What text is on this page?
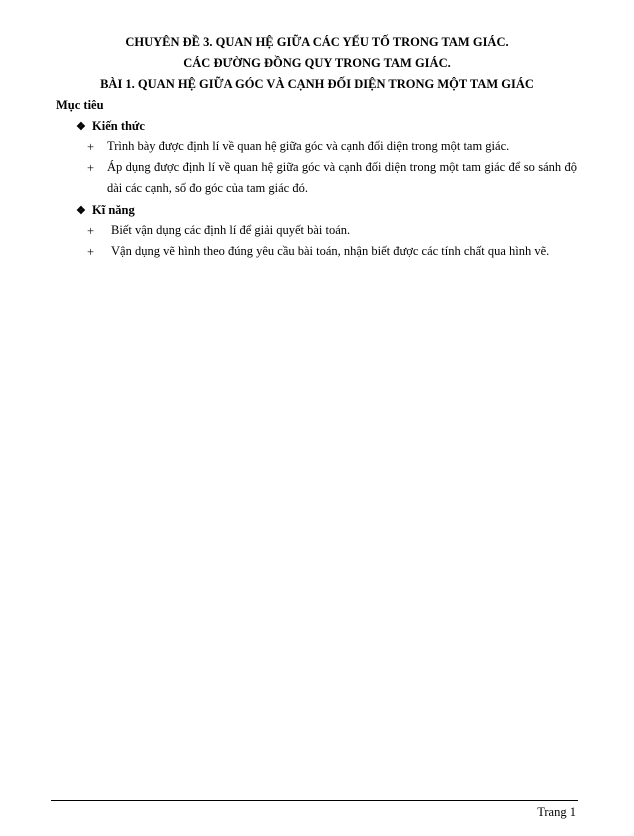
CHUYÊN ĐỀ 3. QUAN HỆ GIỮA CÁC YẾU TỐ TRONG TAM GIÁC.
CÁC ĐƯỜNG ĐỒNG QUY TRONG TAM GIÁC.
BÀI 1. QUAN HỆ GIỮA GÓC VÀ CẠNH ĐỐI DIỆN TRONG MỘT TAM GIÁC
Mục tiêu
❖ Kiến thức
+	Trình bày được định lí về quan hệ giữa góc và cạnh đối diện trong một tam giác.
+	Áp dụng được định lí về quan hệ giữa góc và cạnh đối diện trong một tam giác để so sánh độ dài các cạnh, số đo góc của tam giác đó.
❖ Kĩ năng
+	Biết vận dụng các định lí để giải quyết bài toán.
+	Vận dụng vẽ hình theo đúng yêu cầu bài toán, nhận biết được các tính chất qua hình vẽ.
Trang 1
